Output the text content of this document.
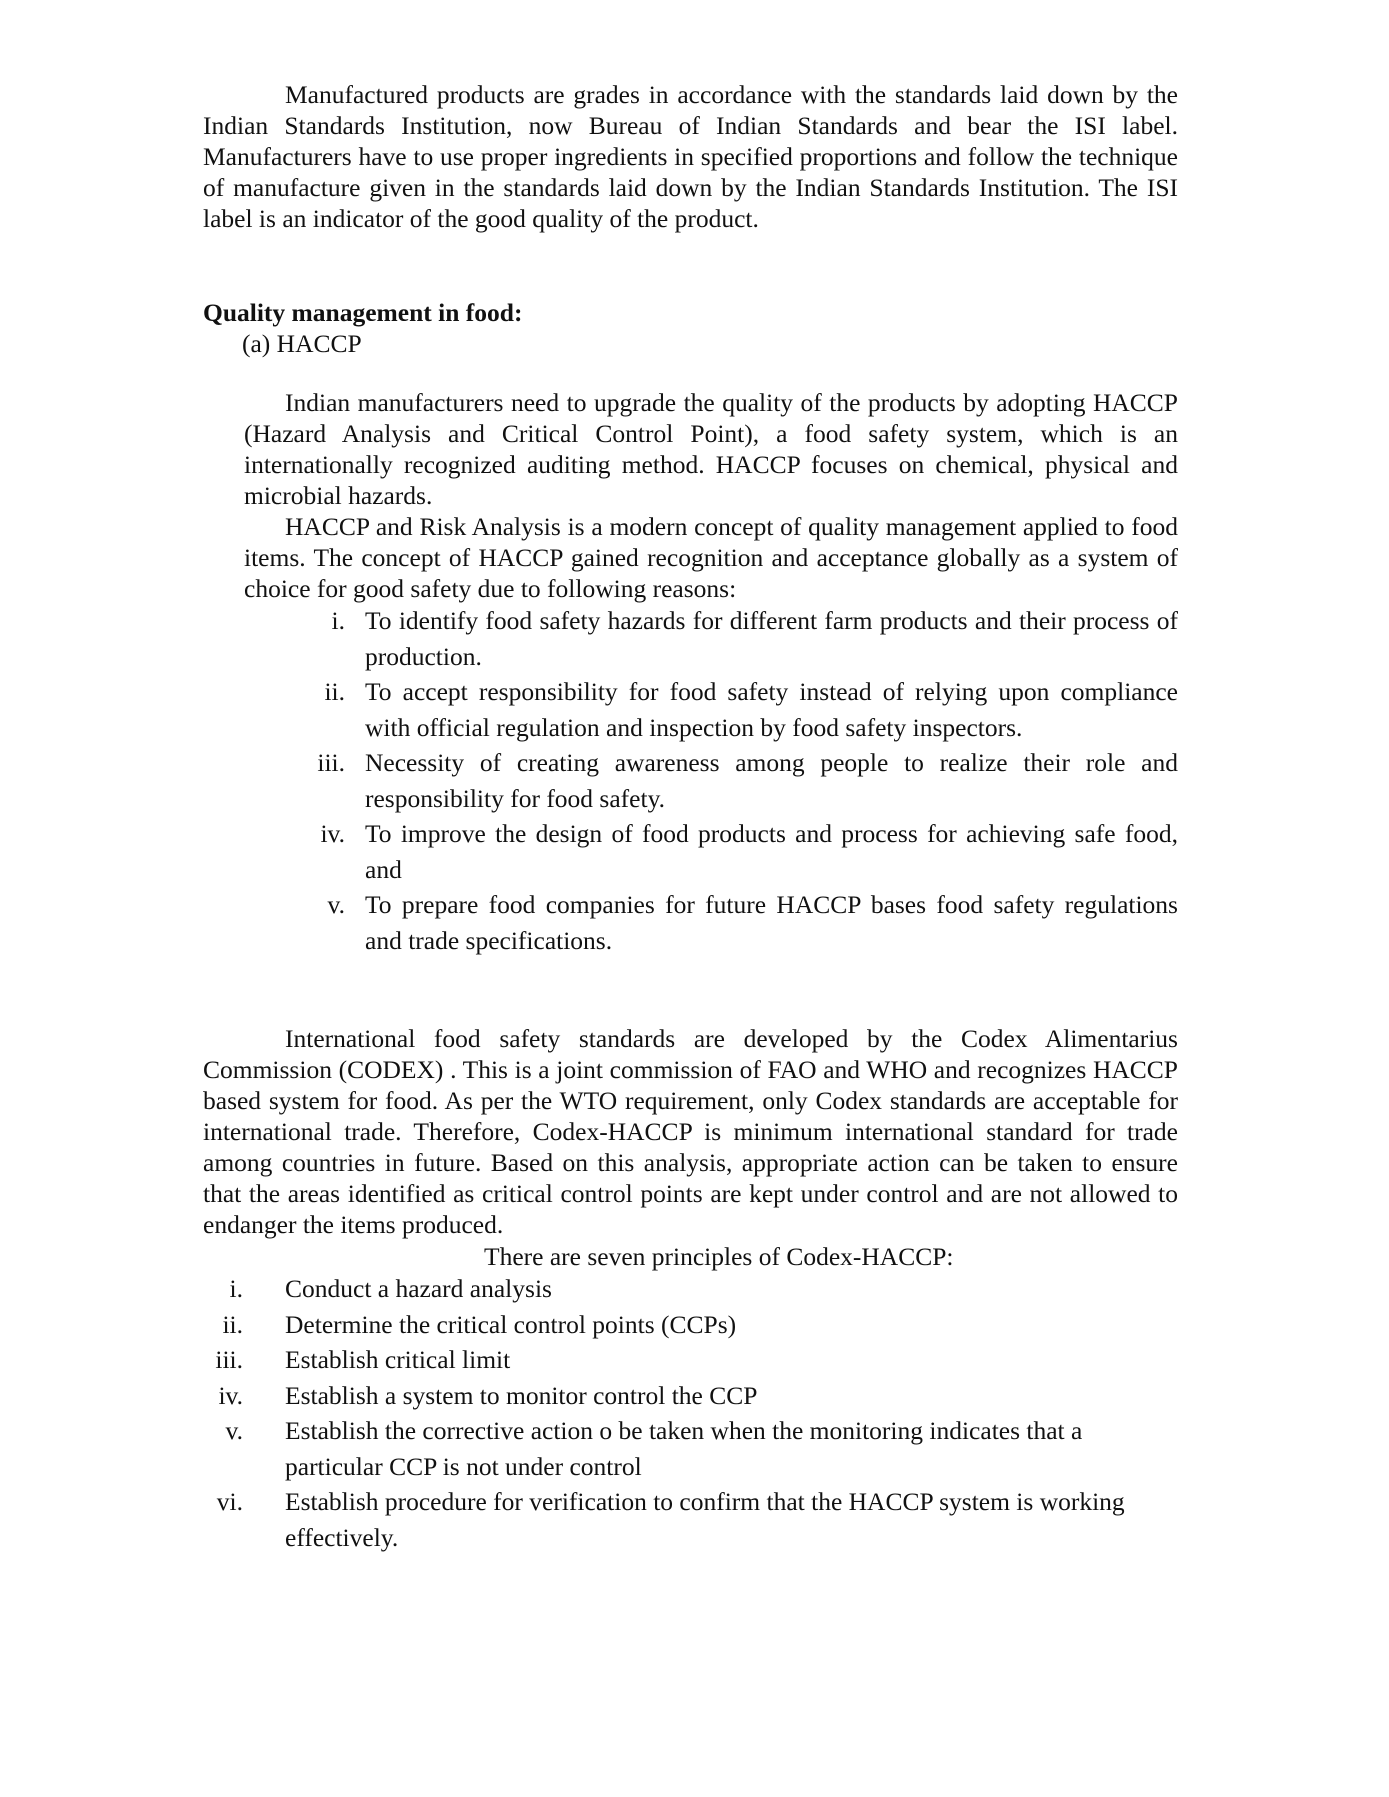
Manufactured products are grades in accordance with the standards laid down by the Indian Standards Institution, now Bureau of Indian Standards and bear the ISI label. Manufacturers have to use proper ingredients in specified proportions and follow the technique of manufacture given in the standards laid down by the Indian Standards Institution. The ISI label is an indicator of the good quality of the product.

Quality management in food:
(a) HACCP

Indian manufacturers need to upgrade the quality of the products by adopting HACCP (Hazard Analysis and Critical Control Point), a food safety system, which is an internationally recognized auditing method. HACCP focuses on chemical, physical and microbial hazards.

HACCP and Risk Analysis is a modern concept of quality management applied to food items. The concept of HACCP gained recognition and acceptance globally as a system of choice for good safety due to following reasons:

i. To identify food safety hazards for different farm products and their process of production.
ii. To accept responsibility for food safety instead of relying upon compliance with official regulation and inspection by food safety inspectors.
iii. Necessity of creating awareness among people to realize their role and responsibility for food safety.
iv. To improve the design of food products and process for achieving safe food, and
v. To prepare food companies for future HACCP bases food safety regulations and trade specifications.

International food safety standards are developed by the Codex Alimentarius Commission (CODEX) . This is a joint commission of FAO and WHO and recognizes HACCP based system for food. As per the WTO requirement, only Codex standards are acceptable for international trade. Therefore, Codex-HACCP is minimum international standard for trade among countries in future. Based on this analysis, appropriate action can be taken to ensure that the areas identified as critical control points are kept under control and are not allowed to endanger the items produced.

There are seven principles of Codex-HACCP:
i. Conduct a hazard analysis
ii. Determine the critical control points (CCPs)
iii. Establish critical limit
iv. Establish a system to monitor control the CCP
v. Establish the corrective action o be taken when the monitoring indicates that a particular CCP is not under control
vi. Establish procedure for verification to confirm that the HACCP system is working effectively.
